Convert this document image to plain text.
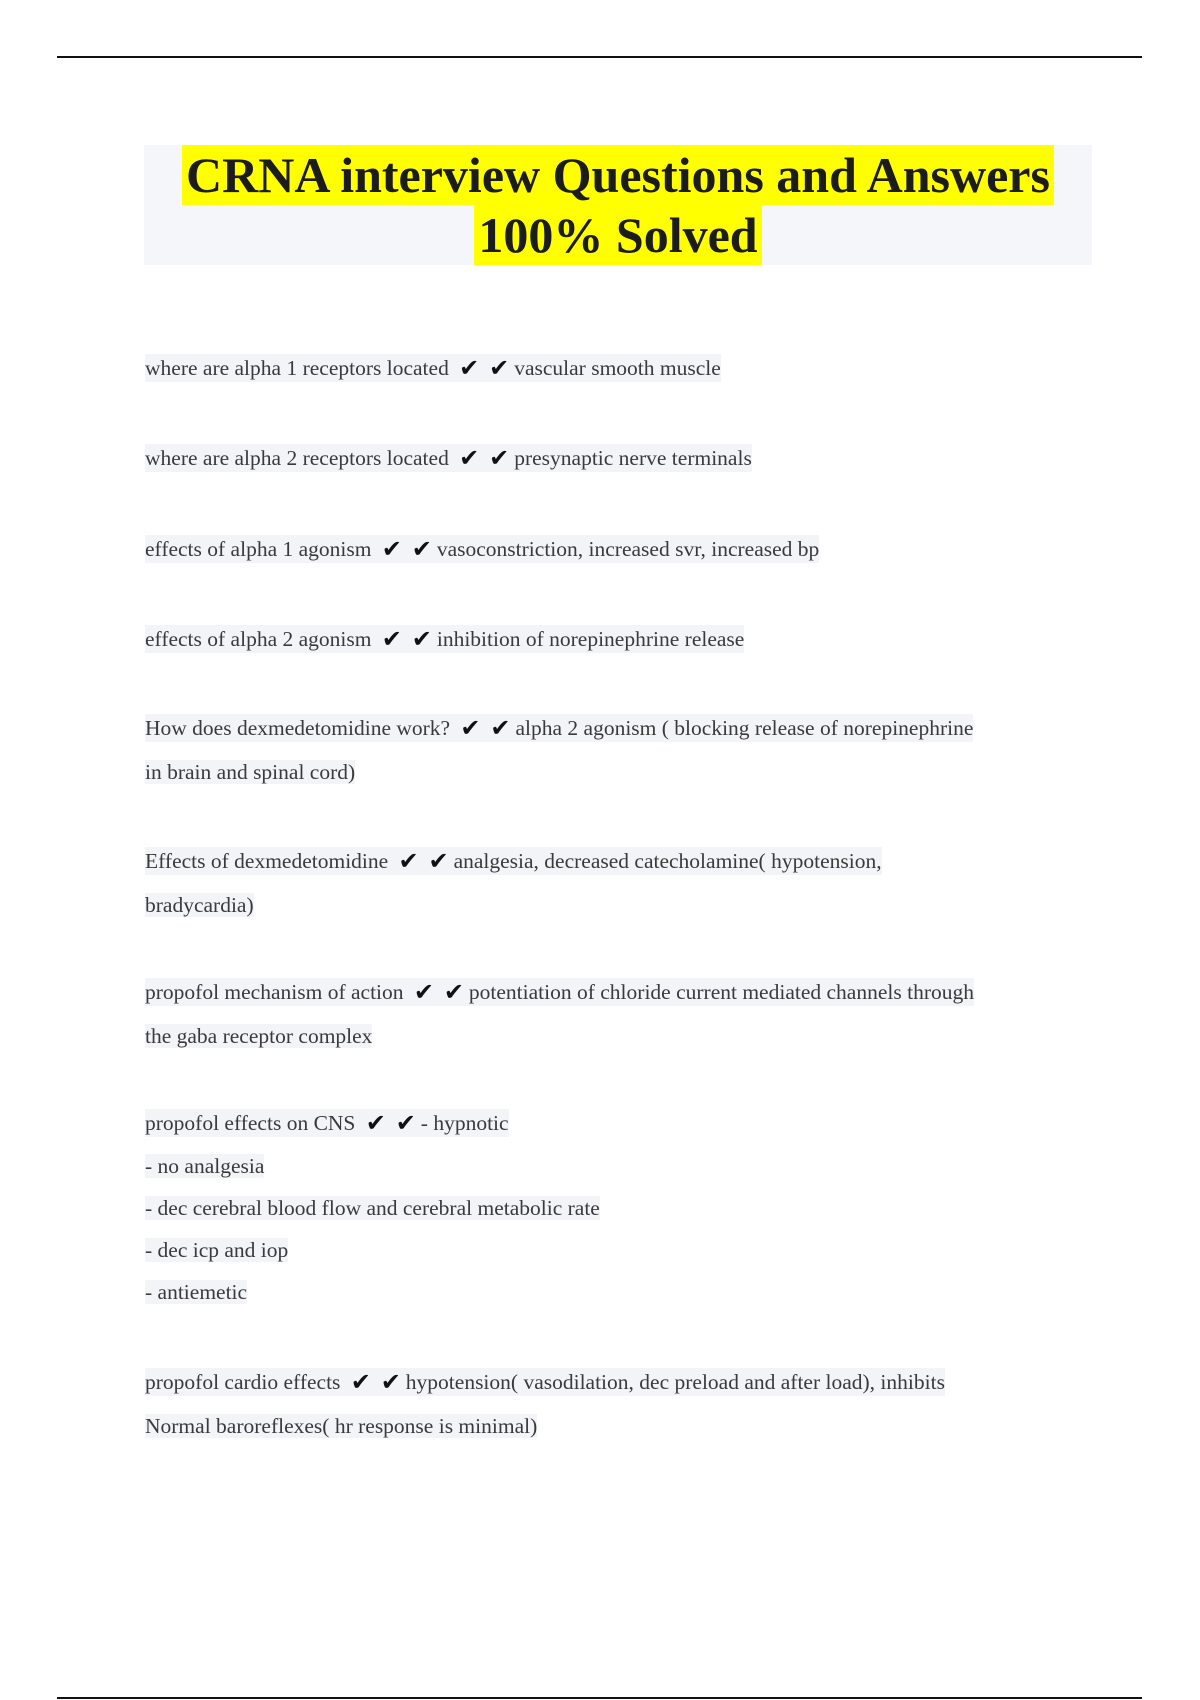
CRNA interview Questions and Answers
100% Solved
where are alpha 1 receptors located ✔ ✔ vascular smooth muscle
where are alpha 2 receptors located ✔ ✔ presynaptic nerve terminals
effects of alpha 1 agonism ✔ ✔ vasoconstriction, increased svr, increased bp
effects of alpha 2 agonism ✔ ✔ inhibition of norepinephrine release
How does dexmedetomidine work? ✔ ✔ alpha 2 agonism ( blocking release of norepinephrine
in brain and spinal cord)
Effects of dexmedetomidine ✔ ✔ analgesia, decreased catecholamine( hypotension,
bradycardia)
propofol mechanism of action ✔ ✔ potentiation of chloride current mediated channels through
the gaba receptor complex
propofol effects on CNS ✔ ✔ - hypnotic
- no analgesia
- dec cerebral blood flow and cerebral metabolic rate
- dec icp and iop
- antiemetic
propofol cardio effects ✔ ✔ hypotension( vasodilation, dec preload and after load), inhibits
Normal baroreflexes( hr response is minimal)
